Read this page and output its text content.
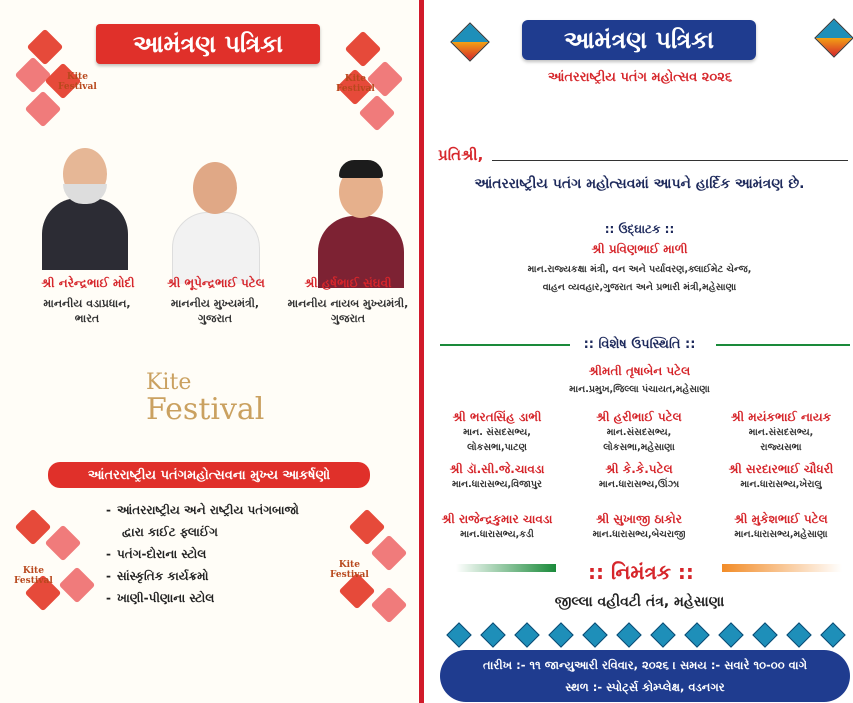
Kite
Festival
Kite
Festival
Kite
Festival
Kite
Festival
આમંત્રણ પત્રિકા
શ્રી નરેન્દ્રભાઈ મોદી
માનનીય વડાપ્રધાન,
ભારત
શ્રી ભૂપેન્દ્રભાઈ પટેલ
માનનીય મુખ્યમંત્રી,
ગુજરાત
શ્રી હર્ષભાઈ સંઘવી
માનનીય નાયબ મુખ્યમંત્રી,
ગુજરાત
Kite
Festival
આંતરરાષ્ટ્રીય પતંગમહોત્સવના મુખ્ય આકર્ષણો
- આંતરરાષ્ટ્રીય અને રાષ્ટ્રીય પતંગબાજો
દ્વારા કાઈટ ફ્લાઈંગ
- પતંગ-દોરાના સ્ટોલ
- સાંસ્કૃતિક કાર્યક્રમો
- ખાણી-પીણાના સ્ટોલ
આમંત્રણ પત્રિકા
આંતરરાષ્ટ્રીય પતંગ મહોત્સવ ૨૦૨૬
પ્રતિશ્રી,
આંતરરાષ્ટ્રીય પતંગ મહોત્સવમાં આપને હાર્દિક આમંત્રણ છે.
:: ઉદ્ઘાટક ::
શ્રી પ્રવિણભાઈ માળી
માન.રાજ્યકક્ષા મંત્રી, વન અને પર્યાવરણ,ક્લાઈમેટ ચેન્જ,
વાહન વ્યવહાર,ગુજરાત અને પ્રભારી મંત્રી,મહેસાણા
:: વિશેષ ઉપસ્થિતિ ::
શ્રીમતી તૃષાબેન પટેલ
માન.પ્રમુખ,જિલ્લા પંચાયત,મહેસાણા
શ્રી ભરતસિંહ ડાભી
માન. સંસદસભ્ય,
લોકસભા,પાટણ
શ્રી હરીભાઈ પટેલ
માન.સંસદસભ્ય,
લોકસભા,મહેસાણા
શ્રી મયંકભાઈ નાયક
માન.સંસદસભ્ય,
રાજ્યસભા
શ્રી ડૉ.સી.જે.ચાવડા
માન.ધારાસભ્ય,વિજાપુર
શ્રી કે.કે.પટેલ
માન.ધારાસભ્ય,ઊંઝા
શ્રી સરદારભાઈ ચૌધરી
માન.ધારાસભ્ય,ખેરાલુ
શ્રી રાજેન્દ્રકુમાર ચાવડા
માન.ધારાસભ્ય,કડી
શ્રી સુખાજી ઠાકોર
માન.ધારાસભ્ય,બેચરાજી
શ્રી મુકેશભાઈ પટેલ
માન.ધારાસભ્ય,મહેસાણા
:: નિમંત્રક ::
જીલ્લા વહીવટી તંત્ર, મહેસાણા
તારીખ :- ૧૧ જાન્યુઆરી રવિવાર, ૨૦૨૬ । સમય :- સવારે ૧૦-૦૦ વાગે
સ્થળ :- સ્પોર્ટ્સ કોમ્પ્લેક્ષ, વડનગર
